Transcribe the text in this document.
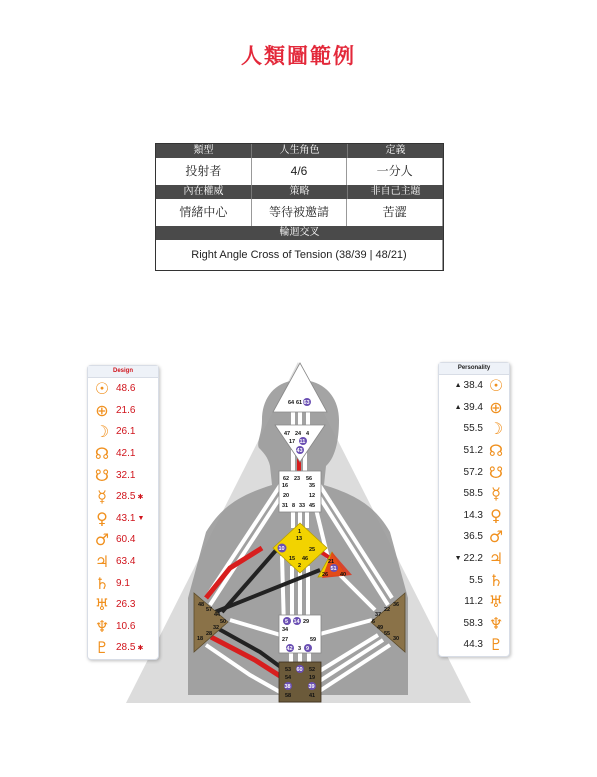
人類圖範例
類型	人生角色	定義
投射者	4/6	一分人
內在權威	策略	非自己主題
情緒中心	等待被邀請	苦澀
輪迴交叉
Right Angle Cross of Tension (38/39 | 48/21)
64 61 63
47 24 4
17 11
43
62 23 56
16	35
20	12
31 8 33 45
1
13
10	25
15 46
2
21
51
26 40
48
57
44
50
32
28
18
36
22
37
6
49
55
30
5 14 29
34
27	59
42 3 9
53 60 52
54	19
38	39
58	41
Design
☉ 48.6
⊕ 21.6
☽ 26.1
☊ 42.1
☋ 32.1
☿ 28.5 ✱
♀ 43.1 ▼
♂ 60.4
♃ 63.4
♄ 9.1
♅ 26.3
♆ 10.6
♇ 28.5 ✱
Personality
▲ 38.4 ☉
▲ 39.4 ⊕
55.5 ☽
51.2 ☊
57.2 ☋
58.5 ☿
14.3 ♀
36.5 ♂
▼ 22.2 ♃
5.5 ♄
11.2 ♅
58.3 ♆
44.3 ♇
